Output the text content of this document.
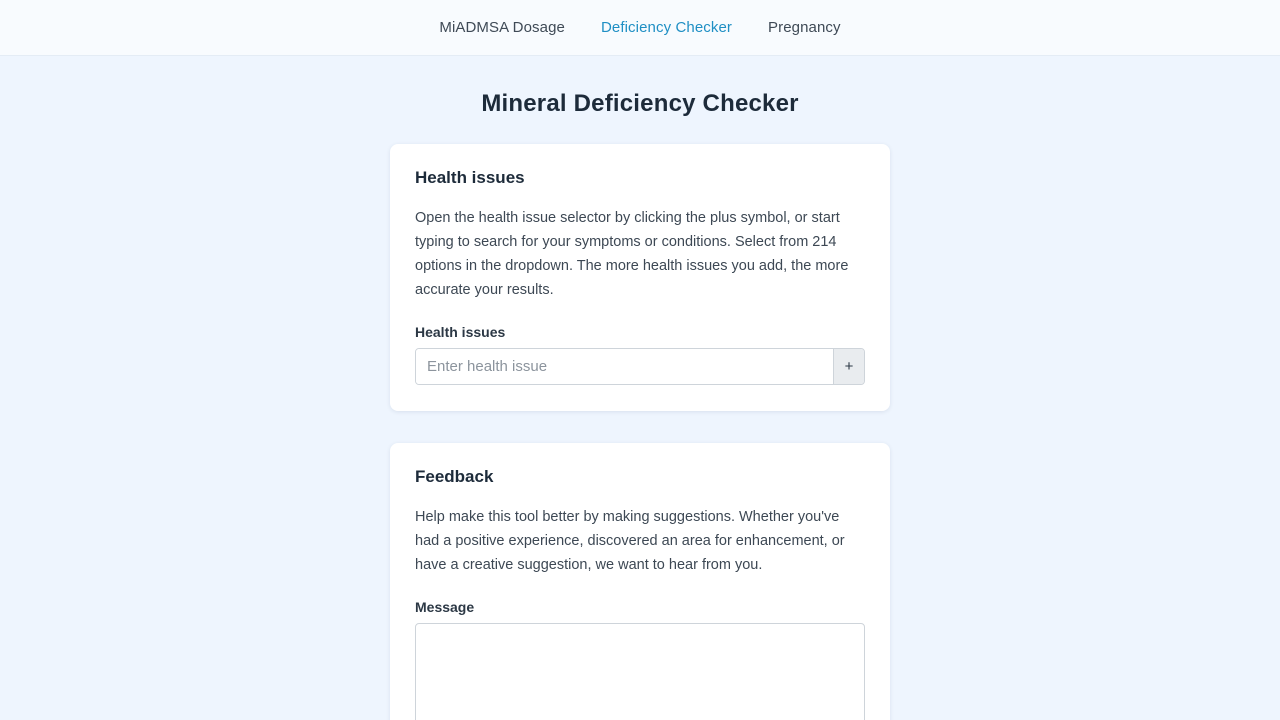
MiADMSA Dosage Deficiency Checker Pregnancy
Mineral Deficiency Checker
Health issues

Open the health issue selector by clicking the plus symbol, or start typing to search for your symptoms or conditions. Select from 214 options in the dropdown. The more health issues you add, the more accurate your results.

Health issues
Enter health issue
+
Feedback

Help make this tool better by making suggestions. Whether you've had a positive experience, discovered an area for enhancement, or have a creative suggestion, we want to hear from you.

Message
